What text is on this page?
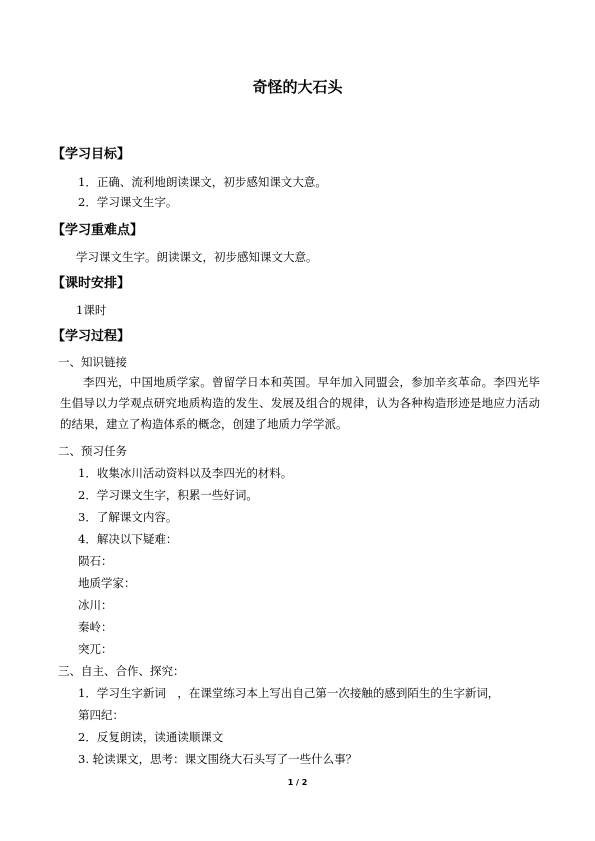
奇怪的大石头
【学习目标】
1．正确、流利地朗读课文，初步感知课文大意。
2．学习课文生字。
【学习重难点】
学习课文生字。朗读课文，初步感知课文大意。
【课时安排】
1课时
【学习过程】
一、知识链接
李四光，中国地质学家。曾留学日本和英国。早年加入同盟会，参加辛亥革命。李四光毕生倡导以力学观点研究地质构造的发生、发展及组合的规律，认为各种构造形迹是地应力活动的结果，建立了构造体系的概念，创建了地质力学学派。
二、预习任务
1．收集冰川活动资料以及李四光的材料。
2．学习课文生字，积累一些好词。
3．了解课文内容。
4．解决以下疑难：
陨石：
地质学家：
冰川：
秦岭：
突兀：
三、自主、合作、探究：
1．学习生字新词　，在课堂练习本上写出自己第一次接触的感到陌生的生字新词，
第四纪：
2．反复朗读，读通读顺课文
3. 轮读课文，思考：课文围绕大石头写了一些什么事？
1 / 2
